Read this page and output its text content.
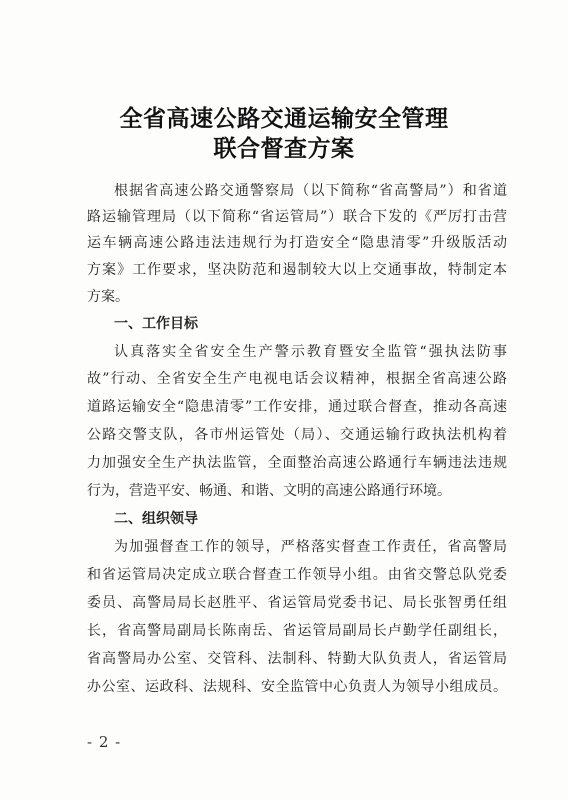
全省高速公路交通运输安全管理
联合督查方案
根据省高速公路交通警察局（以下简称“省高警局”）和省道
路运输管理局（以下简称“省运管局”）联合下发的《严厉打击营
运车辆高速公路违法违规行为打造安全“隐患清零”升级版活动
方案》工作要求，坚决防范和遏制较大以上交通事故，特制定本
方案。
一、工作目标
认真落实全省安全生产警示教育暨安全监管“强执法防事
故”行动、全省安全生产电视电话会议精神，根据全省高速公路
道路运输安全“隐患清零”工作安排，通过联合督查，推动各高速
公路交警支队，各市州运管处（局）、交通运输行政执法机构着
力加强安全生产执法监管，全面整治高速公路通行车辆违法违规
行为，营造平安、畅通、和谐、文明的高速公路通行环境。
二、组织领导
为加强督查工作的领导，严格落实督查工作责任，省高警局
和省运管局决定成立联合督查工作领导小组。由省交警总队党委
委员、高警局局长赵胜平、省运管局党委书记、局长张智勇任组
长，省高警局副局长陈南岳、省运管局副局长卢勤学任副组长，
省高警局办公室、交管科、法制科、特勤大队负责人，省运管局
办公室、运政科、法规科、安全监管中心负责人为领导小组成员。
- 2 -
